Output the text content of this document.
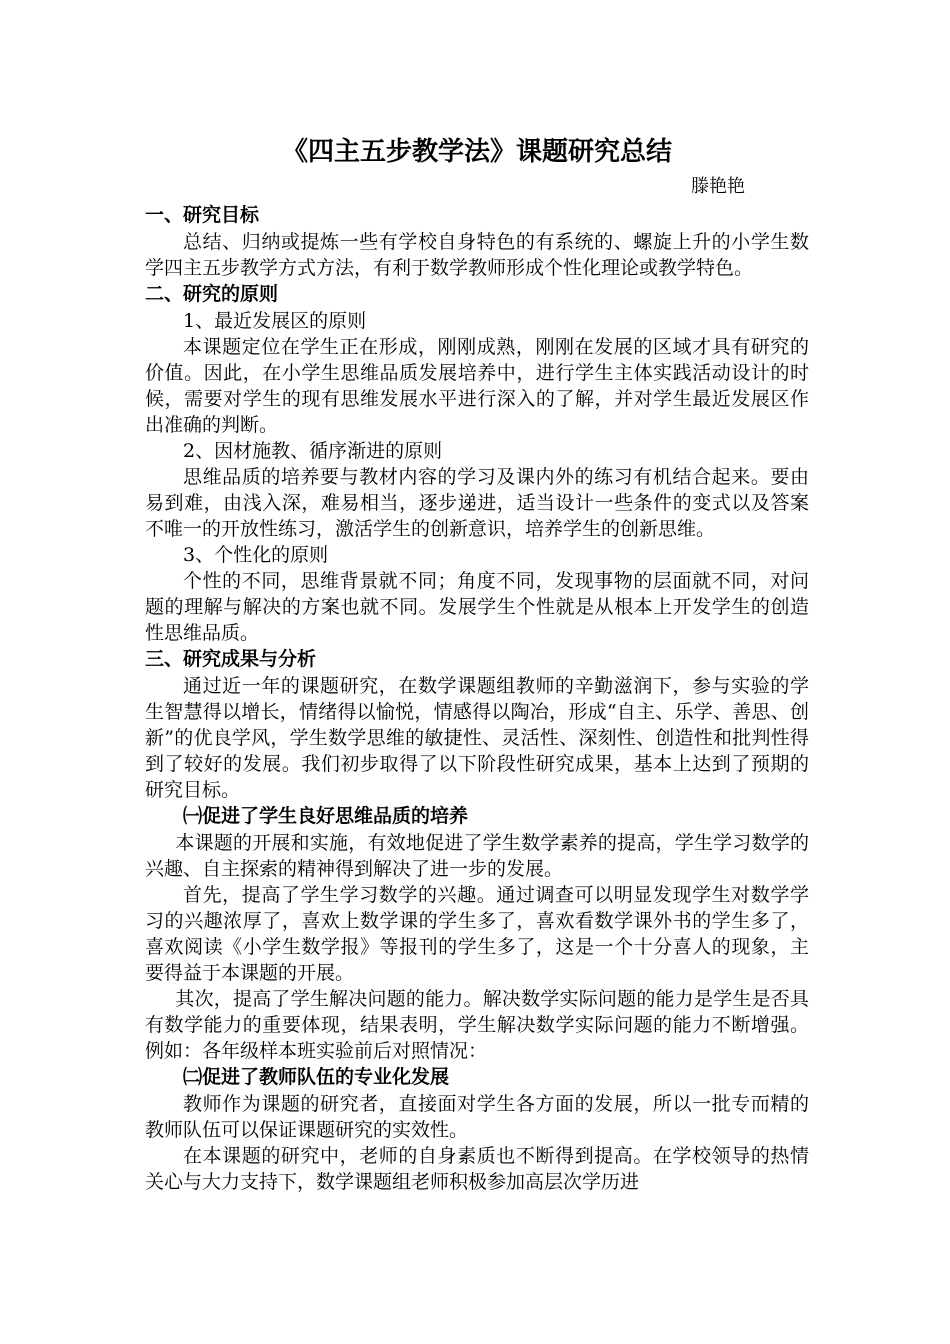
《四主五步教学法》课题研究总结
滕艳艳
一、研究目标
总结、归纳或提炼一些有学校自身特色的有系统的、螺旋上升的小学生数学四主五步教学方式方法，有利于数学教师形成个性化理论或教学特色。
二、研究的原则
1、最近发展区的原则
本课题定位在学生正在形成，刚刚成熟，刚刚在发展的区域才具有研究的价值。因此，在小学生思维品质发展培养中，进行学生主体实践活动设计的时候，需要对学生的现有思维发展水平进行深入的了解，并对学生最近发展区作出准确的判断。
2、因材施教、循序渐进的原则
思维品质的培养要与教材内容的学习及课内外的练习有机结合起来。要由易到难，由浅入深，难易相当，逐步递进，适当设计一些条件的变式以及答案不唯一的开放性练习，激活学生的创新意识，培养学生的创新思维。
3、个性化的原则
个性的不同，思维背景就不同；角度不同，发现事物的层面就不同，对问题的理解与解决的方案也就不同。发展学生个性就是从根本上开发学生的创造性思维品质。
三、研究成果与分析
通过近一年的课题研究，在数学课题组教师的辛勤滋润下，参与实验的学生智慧得以增长，情绪得以愉悦，情感得以陶冶，形成“自主、乐学、善思、创新”的优良学风，学生数学思维的敏捷性、灵活性、深刻性、创造性和批判性得到了较好的发展。我们初步取得了以下阶段性研究成果，基本上达到了预期的研究目标。
㈠促进了学生良好思维品质的培养
本课题的开展和实施，有效地促进了学生数学素养的提高，学生学习数学的兴趣、自主探索的精神得到解决了进一步的发展。
首先，提高了学生学习数学的兴趣。通过调查可以明显发现学生对数学学习的兴趣浓厚了，喜欢上数学课的学生多了，喜欢看数学课外书的学生多了，喜欢阅读《小学生数学报》等报刊的学生多了，这是一个十分喜人的现象，主要得益于本课题的开展。
其次，提高了学生解决问题的能力。解决数学实际问题的能力是学生是否具有数学能力的重要体现，结果表明，学生解决数学实际问题的能力不断增强。例如：各年级样本班实验前后对照情况：
㈡促进了教师队伍的专业化发展
教师作为课题的研究者，直接面对学生各方面的发展，所以一批专而精的教师队伍可以保证课题研究的实效性。
在本课题的研究中，老师的自身素质也不断得到提高。在学校领导的热情关心与大力支持下，数学课题组老师积极参加高层次学历进
